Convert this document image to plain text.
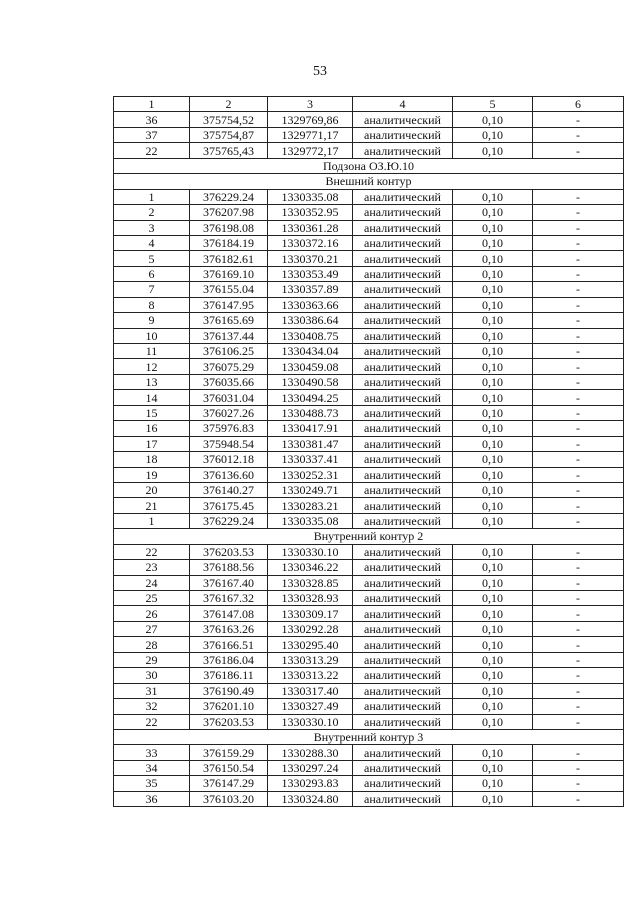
53
1	2	3	4	5	6
36	375754,52	1329769,86	аналитический	0,10	-
37	375754,87	1329771,17	аналитический	0,10	-
22	375765,43	1329772,17	аналитический	0,10	-
Подзона ОЗ.Ю.10					
Внешний контур					
1	376229.24	1330335.08	аналитический	0,10	-
2	376207.98	1330352.95	аналитический	0,10	-
3	376198.08	1330361.28	аналитический	0,10	-
4	376184.19	1330372.16	аналитический	0,10	-
5	376182.61	1330370.21	аналитический	0,10	-
6	376169.10	1330353.49	аналитический	0,10	-
7	376155.04	1330357.89	аналитический	0,10	-
8	376147.95	1330363.66	аналитический	0,10	-
9	376165.69	1330386.64	аналитический	0,10	-
10	376137.44	1330408.75	аналитический	0,10	-
11	376106.25	1330434.04	аналитический	0,10	-
12	376075.29	1330459.08	аналитический	0,10	-
13	376035.66	1330490.58	аналитический	0,10	-
14	376031.04	1330494.25	аналитический	0,10	-
15	376027.26	1330488.73	аналитический	0,10	-
16	375976.83	1330417.91	аналитический	0,10	-
17	375948.54	1330381.47	аналитический	0,10	-
18	376012.18	1330337.41	аналитический	0,10	-
19	376136.60	1330252.31	аналитический	0,10	-
20	376140.27	1330249.71	аналитический	0,10	-
21	376175.45	1330283.21	аналитический	0,10	-
1	376229.24	1330335.08	аналитический	0,10	-
Внутренний контур 2					
22	376203.53	1330330.10	аналитический	0,10	-
23	376188.56	1330346.22	аналитический	0,10	-
24	376167.40	1330328.85	аналитический	0,10	-
25	376167.32	1330328.93	аналитический	0,10	-
26	376147.08	1330309.17	аналитический	0,10	-
27	376163.26	1330292.28	аналитический	0,10	-
28	376166.51	1330295.40	аналитический	0,10	-
29	376186.04	1330313.29	аналитический	0,10	-
30	376186.11	1330313.22	аналитический	0,10	-
31	376190.49	1330317.40	аналитический	0,10	-
32	376201.10	1330327.49	аналитический	0,10	-
22	376203.53	1330330.10	аналитический	0,10	-
Внутренний контур 3					
33	376159.29	1330288.30	аналитический	0,10	-
34	376150.54	1330297.24	аналитический	0,10	-
35	376147.29	1330293.83	аналитический	0,10	-
36	376103.20	1330324.80	аналитический	0,10	-
